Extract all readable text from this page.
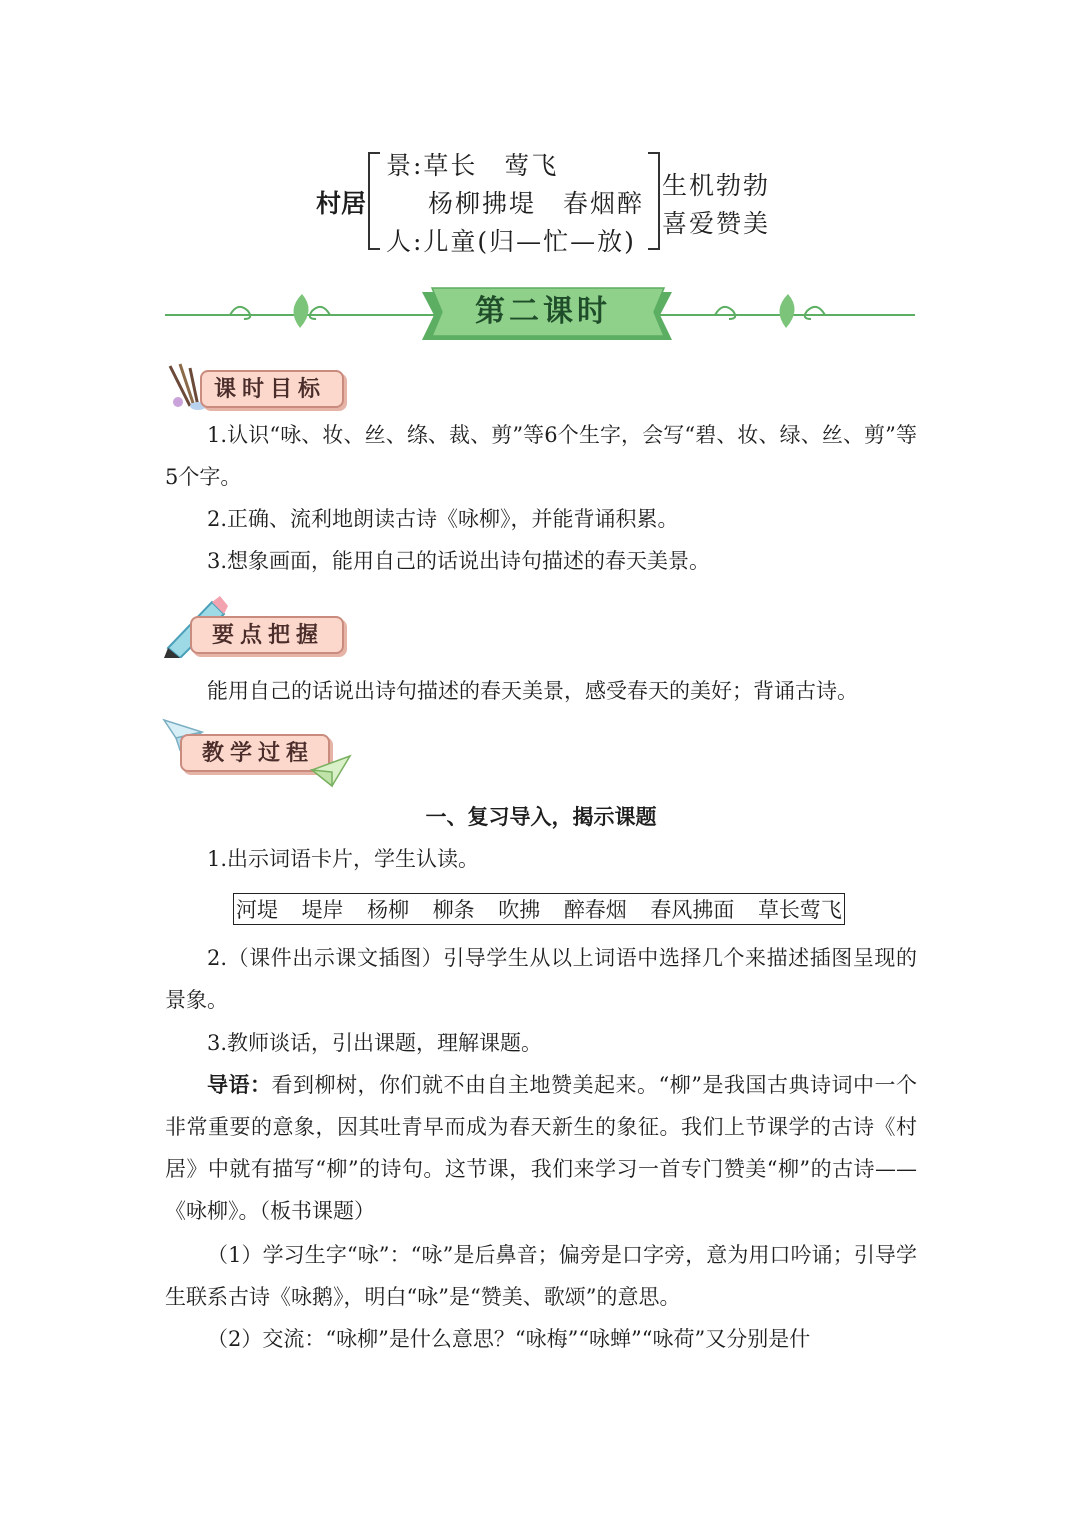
村居
景:草长　莺飞
杨柳拂堤　春烟醉
人:儿童(归—忙—放)
生机勃勃
喜爱赞美
第二课时
课时目标
1.认识“咏、妆、丝、绦、裁、剪”等6个生字，会写“碧、妆、绿、丝、剪”等5个字。
2.正确、流利地朗读古诗《咏柳》，并能背诵积累。
3.想象画面，能用自己的话说出诗句描述的春天美景。
要点把握
能用自己的话说出诗句描述的春天美景，感受春天的美好；背诵古诗。
教学过程
一、复习导入，揭示课题
1.出示词语卡片，学生认读。
河堤 堤岸 杨柳 柳条 吹拂 醉春烟 春风拂面 草长莺飞
2.（课件出示课文插图）引导学生从以上词语中选择几个来描述插图呈现的景象。
3.教师谈话，引出课题，理解课题。
导语：看到柳树，你们就不由自主地赞美起来。“柳”是我国古典诗词中一个非常重要的意象，因其吐青早而成为春天新生的象征。我们上节课学的古诗《村居》中就有描写“柳”的诗句。这节课，我们来学习一首专门赞美“柳”的古诗——《咏柳》。（板书课题）
（1）学习生字“咏”：“咏”是后鼻音；偏旁是口字旁，意为用口吟诵；引导学生联系古诗《咏鹅》，明白“咏”是“赞美、歌颂”的意思。
（2）交流：“咏柳”是什么意思？“咏梅”“咏蝉”“咏荷”又分别是什
